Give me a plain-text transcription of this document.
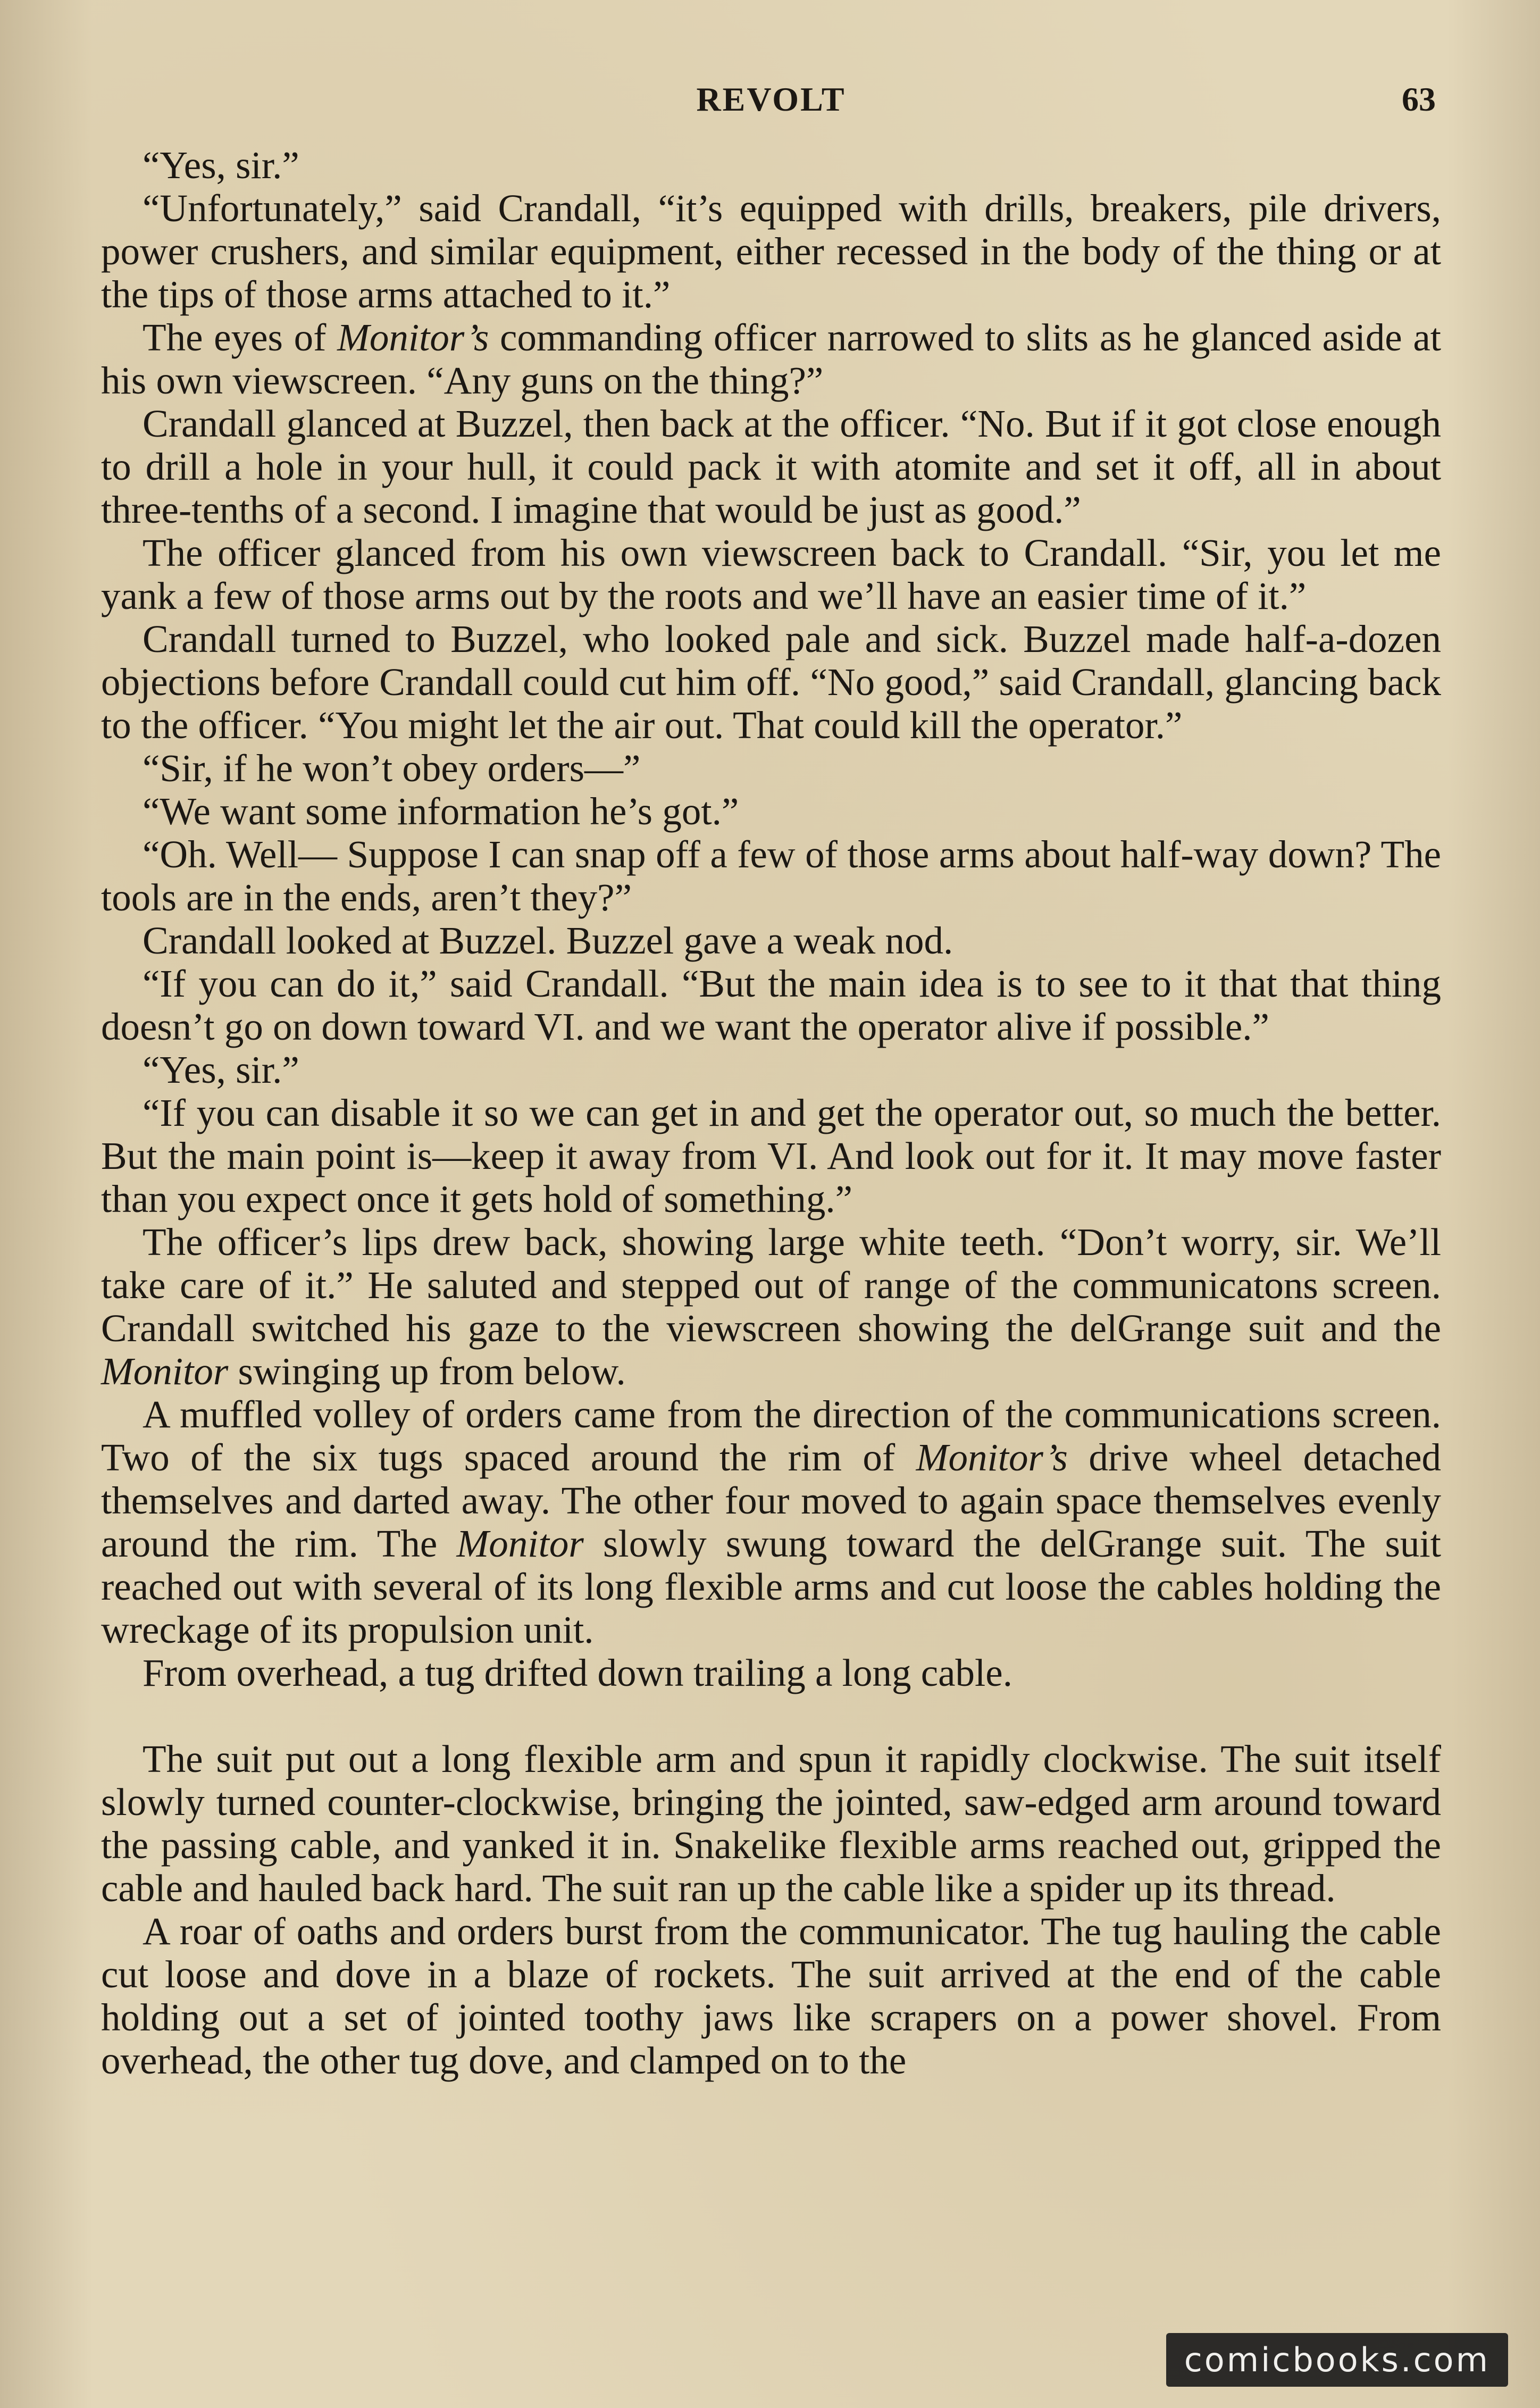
REVOLT	63

“Yes, sir.”

“Unfortunately,” said Crandall, “it’s equipped with drills, breakers, pile drivers, power crushers, and similar equipment, either recessed in the body of the thing or at the tips of those arms attached to it.”

The eyes of Monitor’s commanding officer narrowed to slits as he glanced aside at his own viewscreen. “Any guns on the thing?”

Crandall glanced at Buzzel, then back at the officer. “No. But if it got close enough to drill a hole in your hull, it could pack it with atomite and set it off, all in about three-tenths of a second. I imagine that would be just as good.”

The officer glanced from his own viewscreen back to Crandall. “Sir, you let me yank a few of those arms out by the roots and we’ll have an easier time of it.”

Crandall turned to Buzzel, who looked pale and sick. Buzzel made half-a-dozen objections before Crandall could cut him off. “No good,” said Crandall, glancing back to the officer. “You might let the air out. That could kill the operator.”

“Sir, if he won’t obey orders—”

“We want some information he’s got.”

“Oh. Well— Suppose I can snap off a few of those arms about half-way down? The tools are in the ends, aren’t they?”

Crandall looked at Buzzel. Buzzel gave a weak nod.

“If you can do it,” said Crandall. “But the main idea is to see to it that that thing doesn’t go on down toward VI. and we want the operator alive if possible.”

“Yes, sir.”

“If you can disable it so we can get in and get the operator out, so much the better. But the main point is—keep it away from VI. And look out for it. It may move faster than you expect once it gets hold of something.”

The officer’s lips drew back, showing large white teeth. “Don’t worry, sir. We’ll take care of it.” He saluted and stepped out of range of the communicatons screen. Crandall switched his gaze to the viewscreen showing the delGrange suit and the Monitor swinging up from below.

A muffled volley of orders came from the direction of the communications screen. Two of the six tugs spaced around the rim of Monitor’s drive wheel detached themselves and darted away. The other four moved to again space themselves evenly around the rim. The Monitor slowly swung toward the delGrange suit. The suit reached out with several of its long flexible arms and cut loose the cables holding the wreckage of its propulsion unit.

From overhead, a tug drifted down trailing a long cable.

The suit put out a long flexible arm and spun it rapidly clockwise. The suit itself slowly turned counter-clockwise, bringing the jointed, saw-edged arm around toward the passing cable, and yanked it in. Snakelike flexible arms reached out, gripped the cable and hauled back hard. The suit ran up the cable like a spider up its thread.

A roar of oaths and orders burst from the communicator. The tug hauling the cable cut loose and dove in a blaze of rockets. The suit arrived at the end of the cable holding out a set of jointed toothy jaws like scrapers on a power shovel. From overhead, the other tug dove, and clamped on to the

comicbooks.com
